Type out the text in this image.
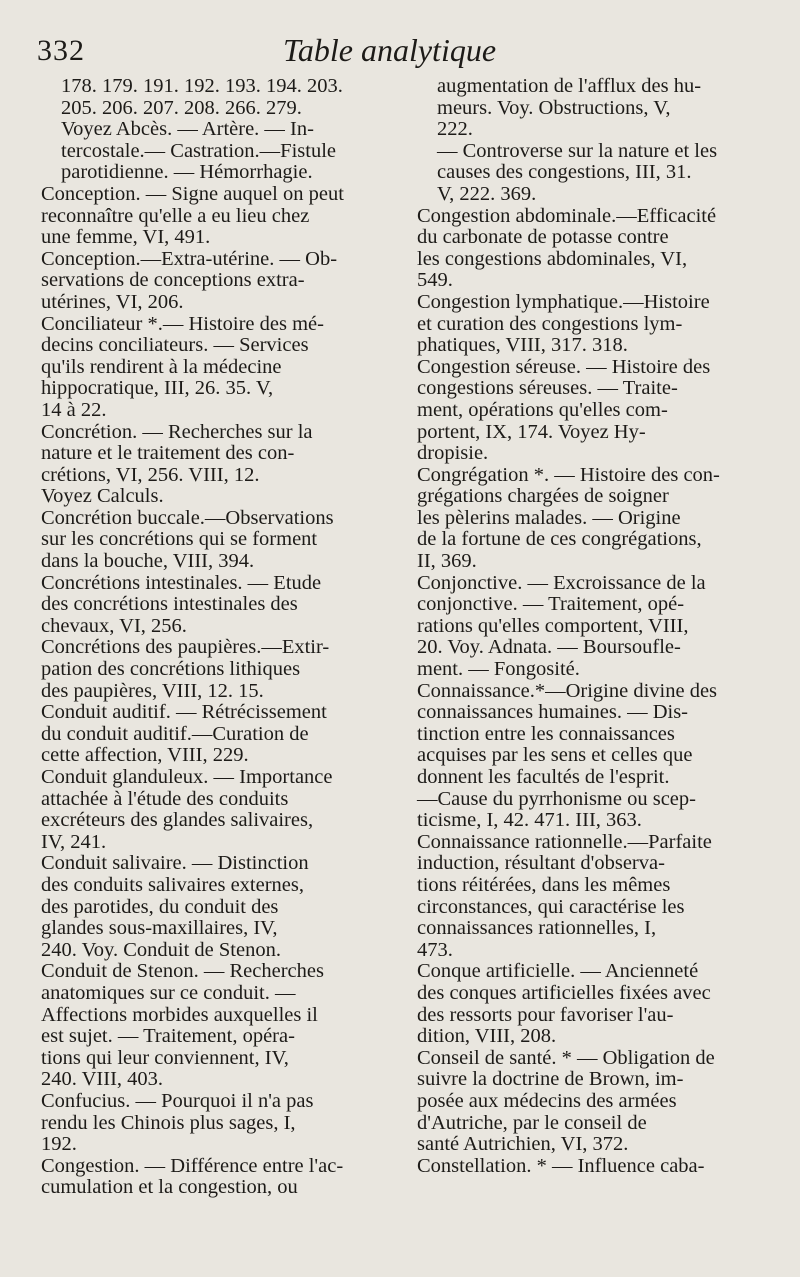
332	Table analytique

178. 179. 191. 192. 193. 194. 203.
205. 206. 207. 208. 266. 279.
Voyez Abcès. — Artère. — In-
tercostale.— Castration.—Fistule
parotidienne. — Hémorrhagie.

Conception. — Signe auquel on peut
reconnaître qu'elle a eu lieu chez
une femme, VI, 491.

Conception.—Extra-utérine. — Ob-
servations de conceptions extra-
utérines, VI, 206.

Conciliateur *.— Histoire des mé-
decins conciliateurs. — Services
qu'ils rendirent à la médecine
hippocratique, III, 26. 35. V,
14 à 22.

Concrétion. — Recherches sur la
nature et le traitement des con-
crétions, VI, 256. VIII, 12.
Voyez Calculs.

Concrétion buccale.—Observations
sur les concrétions qui se forment
dans la bouche, VIII, 394.

Concrétions intestinales. — Etude
des concrétions intestinales des
chevaux, VI, 256.

Concrétions des paupières.—Extir-
pation des concrétions lithiques
des paupières, VIII, 12. 15.

Conduit auditif. — Rétrécissement
du conduit auditif.—Curation de
cette affection, VIII, 229.

Conduit glanduleux. — Importance
attachée à l'étude des conduits
excréteurs des glandes salivaires,
IV, 241.

Conduit salivaire. — Distinction
des conduits salivaires externes,
des parotides, du conduit des
glandes sous-maxillaires, IV,
240. Voy. Conduit de Stenon.

Conduit de Stenon. — Recherches
anatomiques sur ce conduit. —
Affections morbides auxquelles il
est sujet. — Traitement, opéra-
tions qui leur conviennent, IV,
240. VIII, 403.

Confucius. — Pourquoi il n'a pas
rendu les Chinois plus sages, I,
192.

Congestion. — Différence entre l'ac-
cumulation et la congestion, ou

augmentation de l'afflux des hu-
meurs. Voy. Obstructions, V,
222.

— Controverse sur la nature et les
causes des congestions, III, 31.
V, 222. 369.

Congestion abdominale.—Efficacité
du carbonate de potasse contre
les congestions abdominales, VI,
549.

Congestion lymphatique.—Histoire
et curation des congestions lym-
phatiques, VIII, 317. 318.

Congestion séreuse. — Histoire des
congestions séreuses. — Traite-
ment, opérations qu'elles com-
portent, IX, 174. Voyez Hy-
dropisie.

Congrégation *. — Histoire des con-
grégations chargées de soigner
les pèlerins malades. — Origine
de la fortune de ces congrégations,
II, 369.

Conjonctive. — Excroissance de la
conjonctive. — Traitement, opé-
rations qu'elles comportent, VIII,
20. Voy. Adnata. — Boursoufle-
ment. — Fongosité.

Connaissance.*—Origine divine des
connaissances humaines. — Dis-
tinction entre les connaissances
acquises par les sens et celles que
donnent les facultés de l'esprit.
—Cause du pyrrhonisme ou scep-
ticisme, I, 42. 471. III, 363.

Connaissance rationnelle.—Parfaite
induction, résultant d'observa-
tions réitérées, dans les mêmes
circonstances, qui caractérise les
connaissances rationnelles, I,
473.

Conque artificielle. — Ancienneté
des conques artificielles fixées avec
des ressorts pour favoriser l'au-
dition, VIII, 208.

Conseil de santé. * — Obligation de
suivre la doctrine de Brown, im-
posée aux médecins des armées
d'Autriche, par le conseil de
santé Autrichien, VI, 372.

Constellation. * — Influence caba-
